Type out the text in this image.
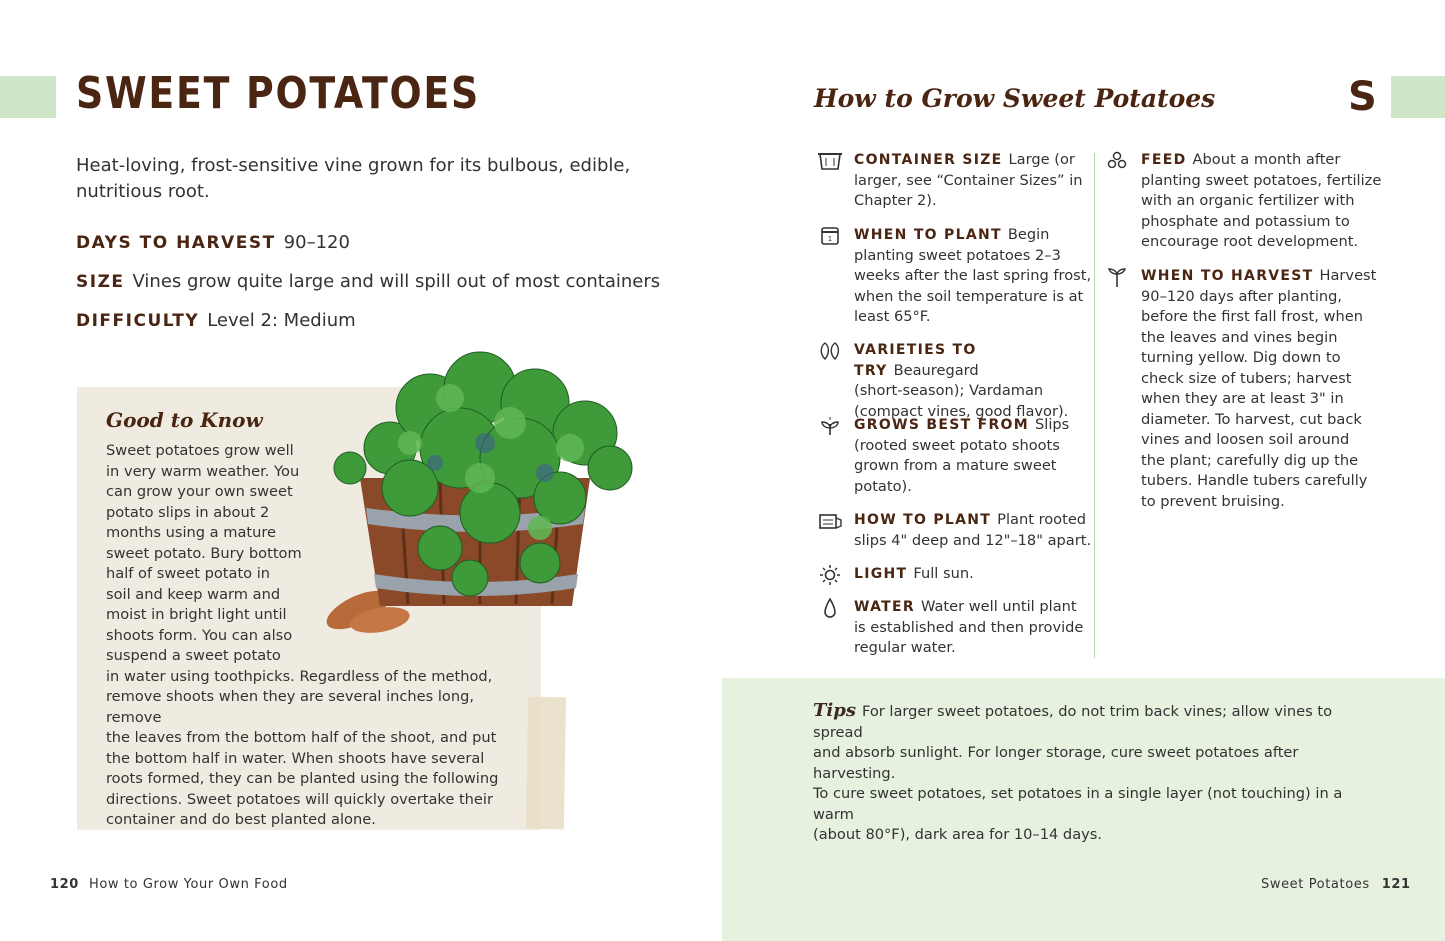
SWEET POTATOES
Heat-loving, frost-sensitive vine grown for its bulbous, edible, nutritious root.
DAYS TO HARVEST 90–120
SIZE Vines grow quite large and will spill out of most containers
DIFFICULTY Level 2: Medium
Good to Know
Sweet potatoes grow well
in very warm weather. You
can grow your own sweet
potato slips in about 2
months using a mature
sweet potato. Bury bottom
half of sweet potato in
soil and keep warm and
moist in bright light until
shoots form. You can also
suspend a sweet potato
in water using toothpicks. Regardless of the method,
remove shoots when they are several inches long, remove
the leaves from the bottom half of the shoot, and put
the bottom half in water. When shoots have several
roots formed, they can be planted using the following
directions. Sweet potatoes will quickly overtake their
container and do best planted alone.
120 How to Grow Your Own Food
How to Grow Sweet Potatoes	S
CONTAINER SIZE Large (or
larger, see “Container Sizes” in
Chapter 2).
1 WHEN TO PLANT Begin
planting sweet potatoes 2–3
weeks after the last spring frost,
when the soil temperature is at
least 65°F.
VARIETIES TO TRY Beauregard
(short-season); Vardaman
(compact vines, good flavor).
GROWS BEST FROM Slips
(rooted sweet potato shoots
grown from a mature sweet
potato).
HOW TO PLANT Plant rooted
slips 4" deep and 12"–18" apart.
LIGHT Full sun.
WATER Water well until plant
is established and then provide
regular water.
FEED About a month after
planting sweet potatoes, fertilize
with an organic fertilizer with
phosphate and potassium to
encourage root development.
WHEN TO HARVEST Harvest
90–120 days after planting,
before the first fall frost, when
the leaves and vines begin
turning yellow. Dig down to
check size of tubers; harvest
when they are at least 3" in
diameter. To harvest, cut back
vines and loosen soil around
the plant; carefully dig up the
tubers. Handle tubers carefully
to prevent bruising.
Tips For larger sweet potatoes, do not trim back vines; allow vines to spread
and absorb sunlight. For longer storage, cure sweet potatoes after harvesting.
To cure sweet potatoes, set potatoes in a single layer (not touching) in a warm
(about 80°F), dark area for 10–14 days.
Sweet Potatoes 121
